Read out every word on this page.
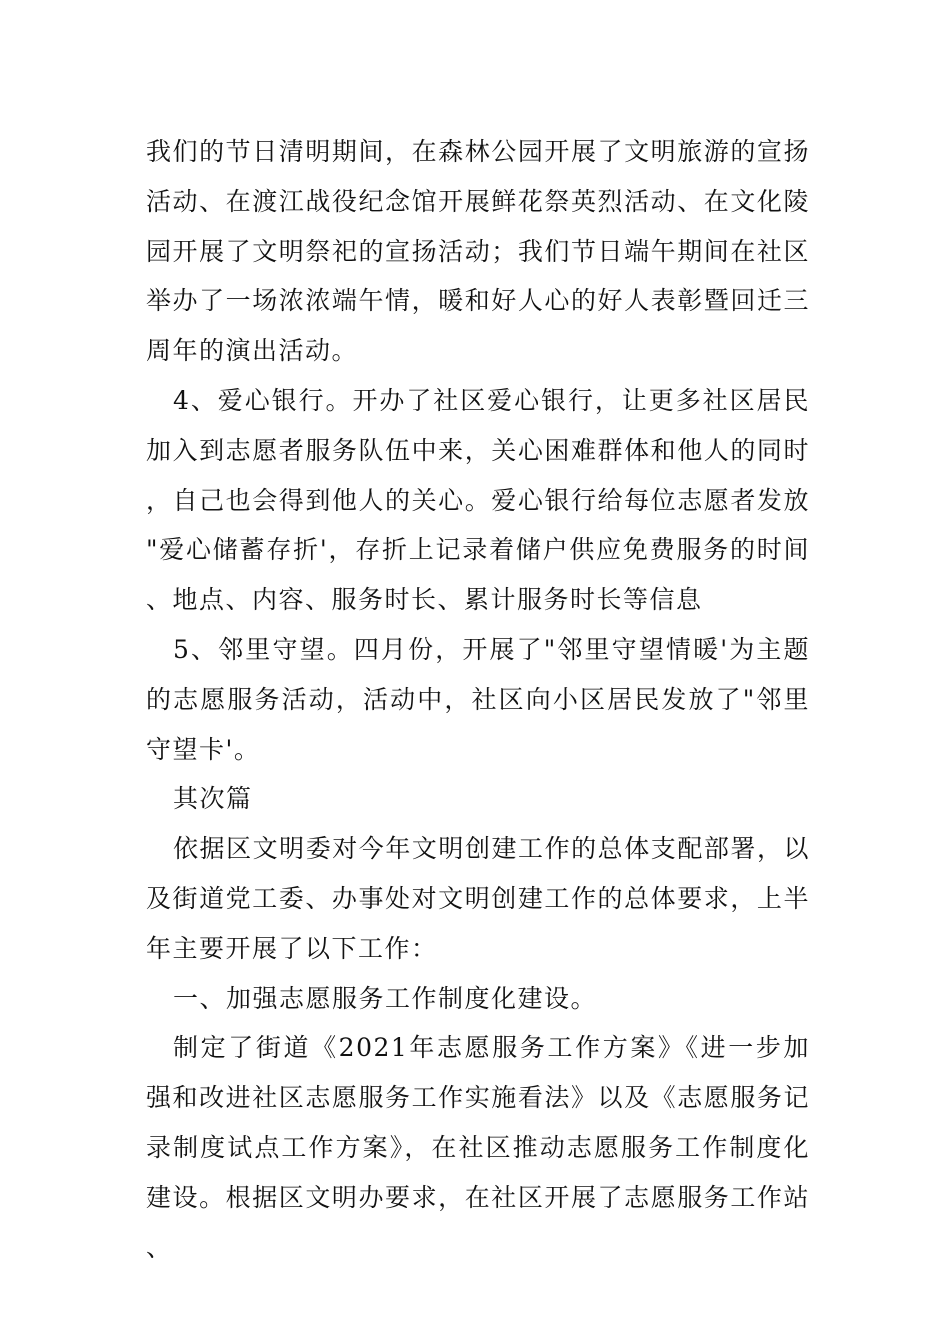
我们的节日清明期间，在森林公园开展了文明旅游的宣扬活动、在渡江战役纪念馆开展鲜花祭英烈活动、在文化陵园开展了文明祭祀的宣扬活动；我们节日端午期间在社区举办了一场浓浓端午情，暖和好人心的好人表彰暨回迁三周年的演出活动。

4、爱心银行。开办了社区爱心银行，让更多社区居民加入到志愿者服务队伍中来，关心困难群体和他人的同时，自己也会得到他人的关心。爱心银行给每位志愿者发放"爱心储蓄存折'，存折上记录着储户供应免费服务的时间、地点、内容、服务时长、累计服务时长等信息

5、邻里守望。四月份，开展了"邻里守望情暖'为主题的志愿服务活动，活动中，社区向小区居民发放了"邻里守望卡'。

其次篇

依据区文明委对今年文明创建工作的总体支配部署，以及街道党工委、办事处对文明创建工作的总体要求，上半年主要开展了以下工作：

一、加强志愿服务工作制度化建设。

制定了街道《2021年志愿服务工作方案》《进一步加强和改进社区志愿服务工作实施看法》以及《志愿服务记录制度试点工作方案》，在社区推动志愿服务工作制度化建设。根据区文明办要求，在社区开展了志愿服务工作站、
